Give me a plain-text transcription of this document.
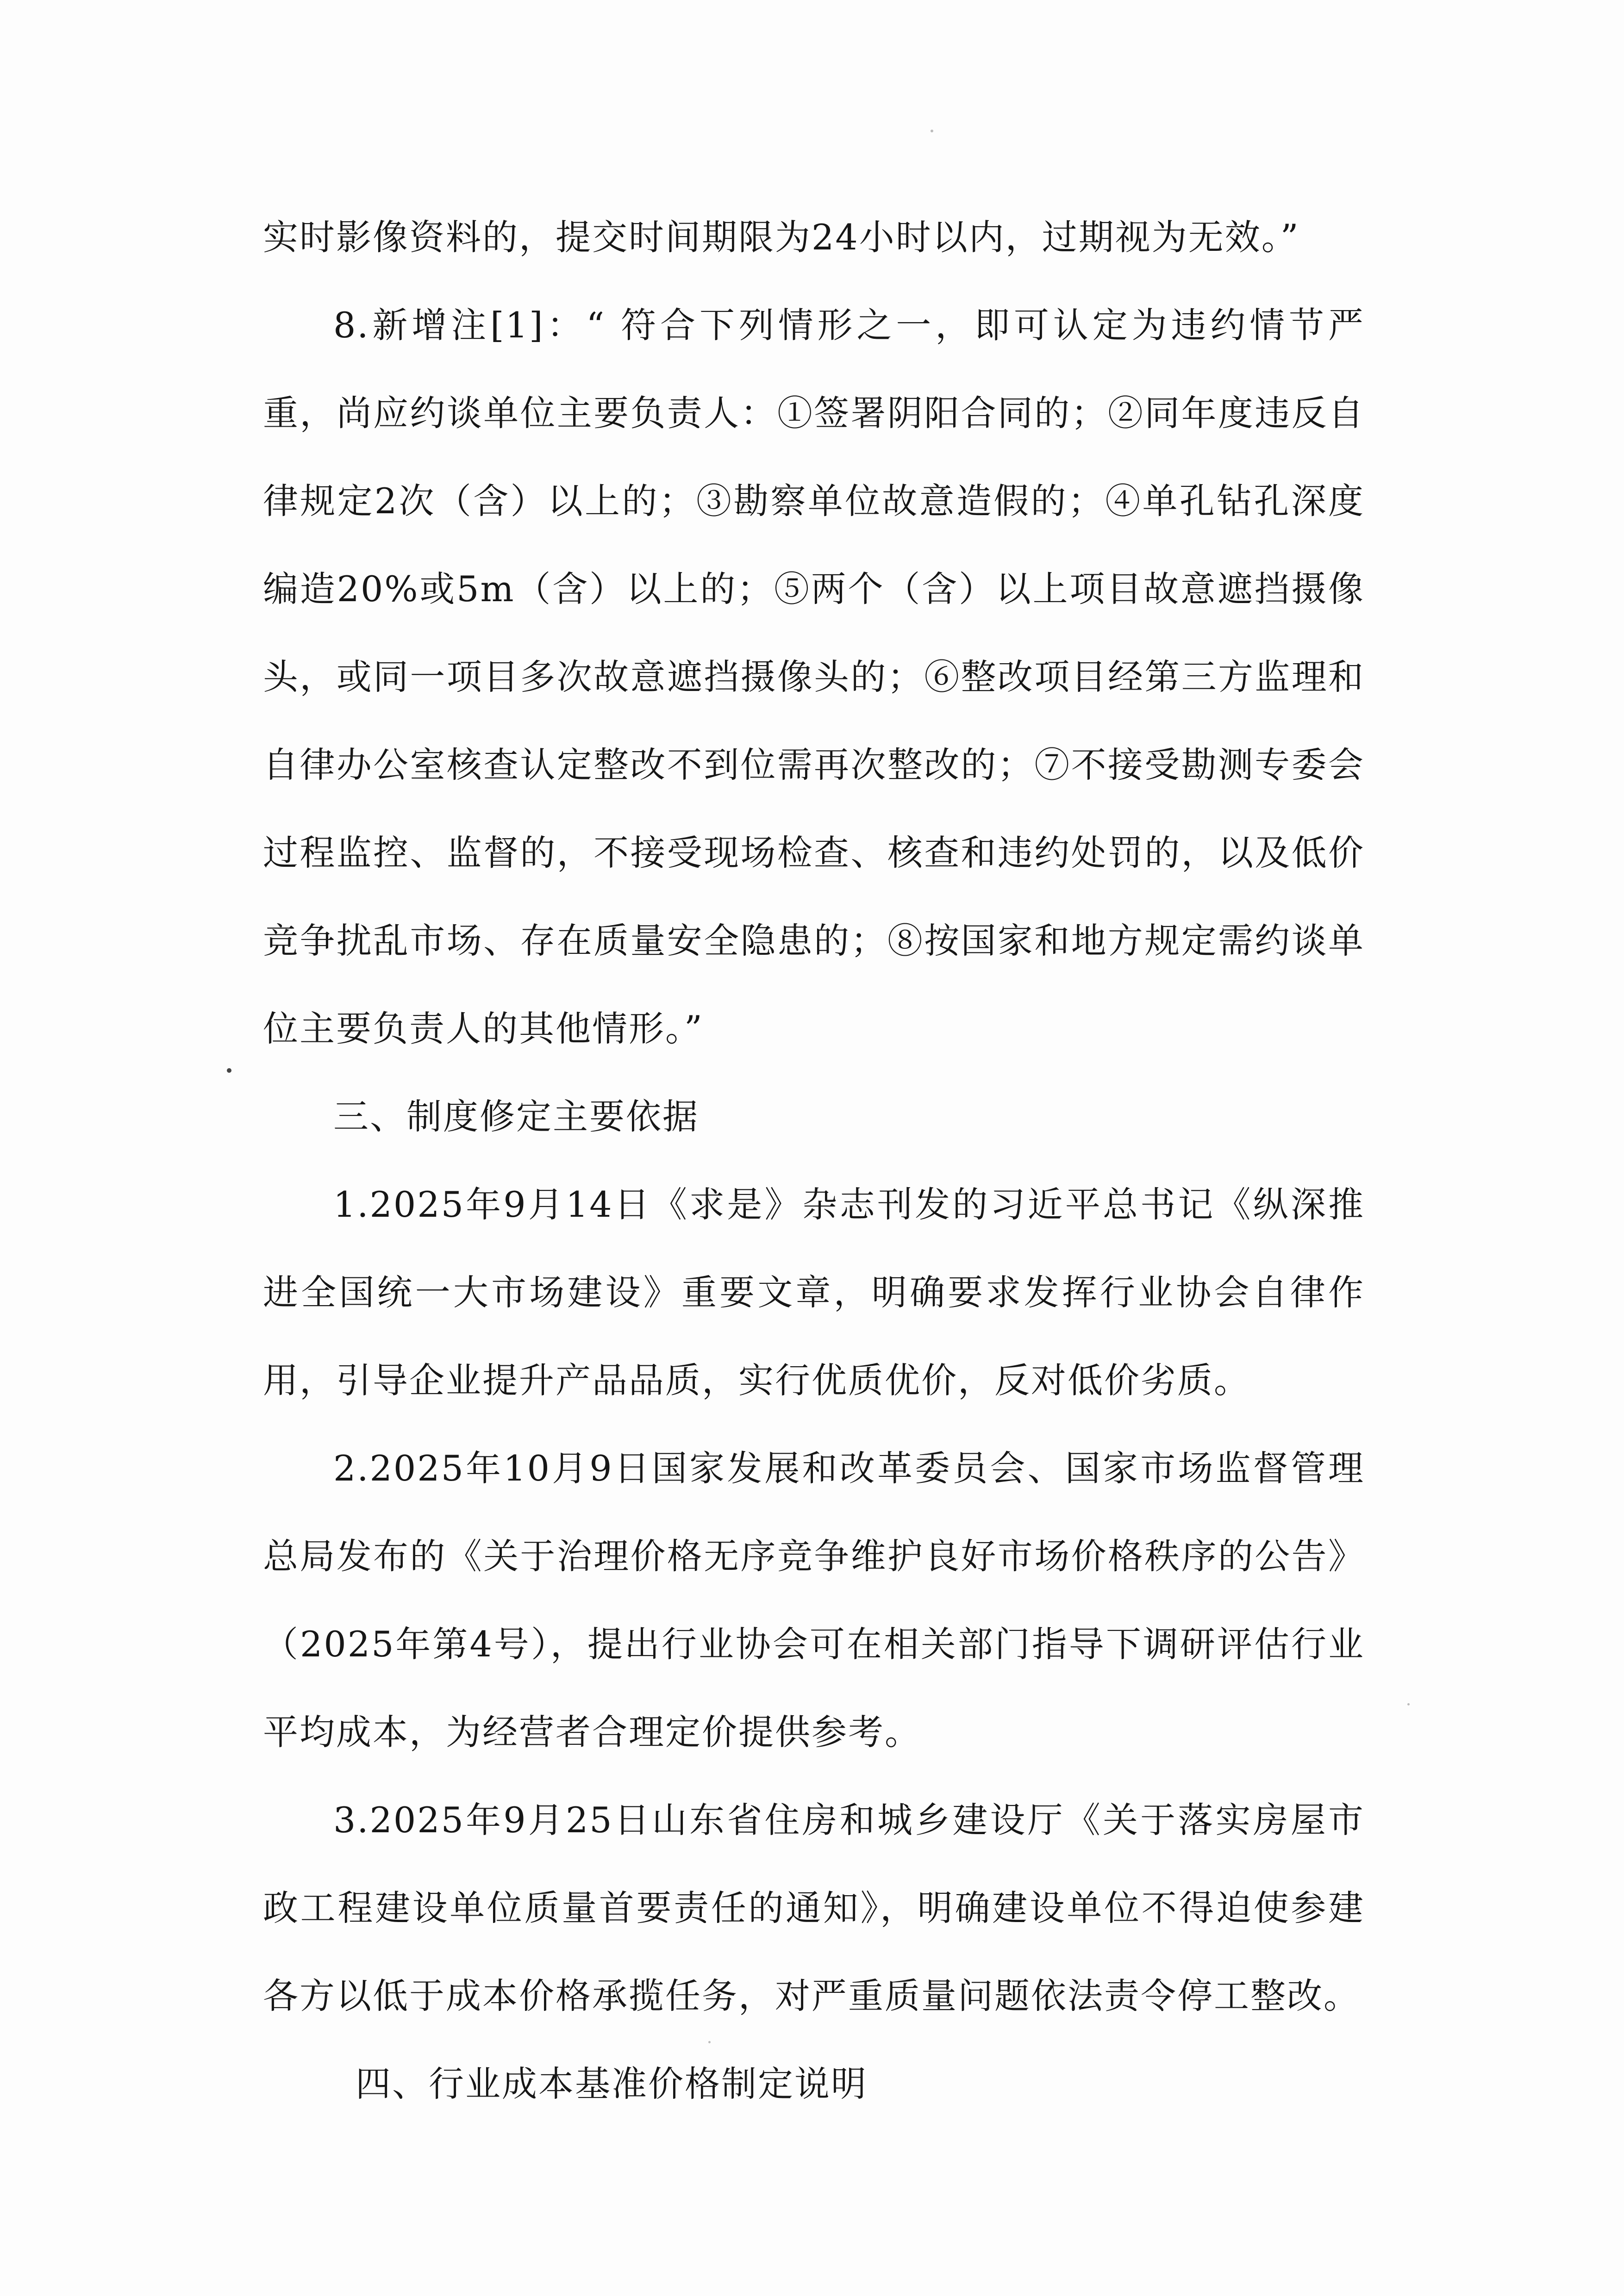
实时影像资料的，提交时间期限为24小时以内，过期视为无效。”

8.新增注[1]：“ 符合下列情形之一，即可认定为违约情节严重，尚应约谈单位主要负责人：①签署阴阳合同的；②同年度违反自律规定2次（含）以上的；③勘察单位故意造假的；④单孔钻孔深度编造20%或5m（含）以上的；⑤两个（含）以上项目故意遮挡摄像头，或同一项目多次故意遮挡摄像头的；⑥整改项目经第三方监理和自律办公室核查认定整改不到位需再次整改的；⑦不接受勘测专委会过程监控、监督的，不接受现场检查、核查和违约处罚的，以及低价竞争扰乱市场、存在质量安全隐患的；⑧按国家和地方规定需约谈单位主要负责人的其他情形。”

三、制度修定主要依据

1.2025年9月14日《求是》杂志刊发的习近平总书记《纵深推进全国统一大市场建设》重要文章，明确要求发挥行业协会自律作用，引导企业提升产品品质，实行优质优价，反对低价劣质。

2.2025年10月9日国家发展和改革委员会、国家市场监督管理总局发布的《关于治理价格无序竞争维护良好市场价格秩序的公告》（2025年第4号），提出行业协会可在相关部门指导下调研评估行业平均成本，为经营者合理定价提供参考。

3.2025年9月25日山东省住房和城乡建设厅《关于落实房屋市政工程建设单位质量首要责任的通知》，明确建设单位不得迫使参建各方以低于成本价格承揽任务，对严重质量问题依法责令停工整改。

四、行业成本基准价格制定说明
